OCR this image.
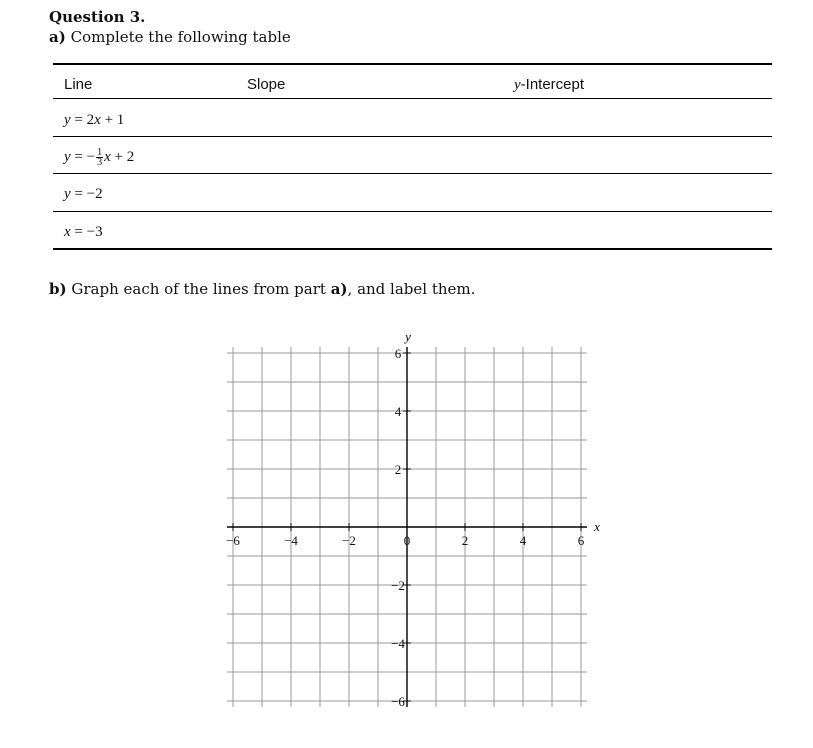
Question 3.
a) Complete the following table
Line	Slope	y-Intercept
y = 2x + 1
y = − $\frac{1}{3}$ x + 2
y = −2
x = −3
b) Graph each of the lines from part a), and label them.
−6	−4	−2	0	2	4	6
−6
−4
−2
2
4
6
x
y
